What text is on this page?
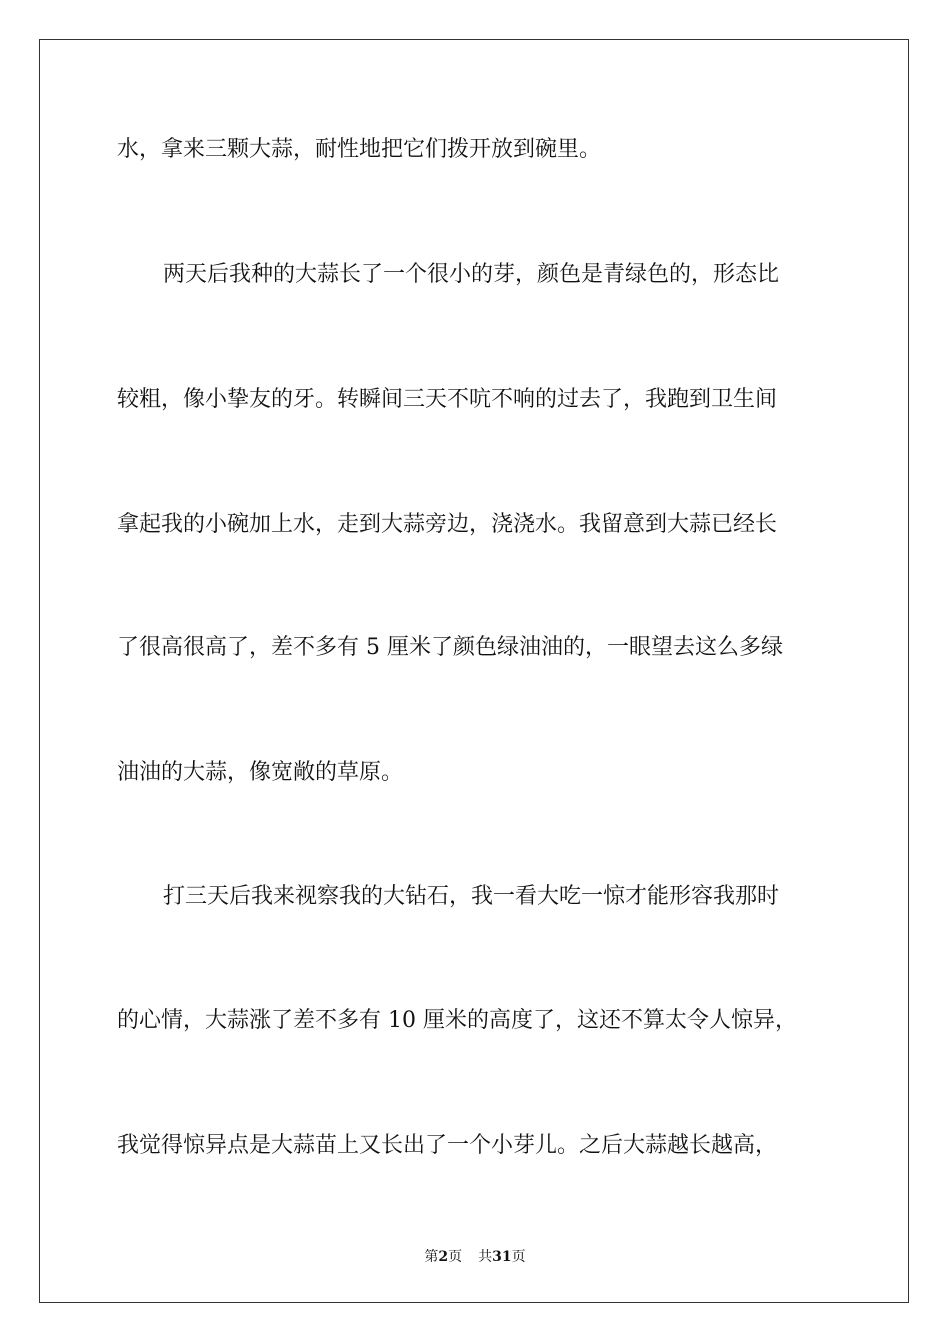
水，拿来三颗大蒜，耐性地把它们拨开放到碗里。
两天后我种的大蒜长了一个很小的芽，颜色是青绿色的，形态比
较粗，像小挚友的牙。转瞬间三天不吭不响的过去了，我跑到卫生间
拿起我的小碗加上水，走到大蒜旁边，浇浇水。我留意到大蒜已经长
了很高很高了，差不多有 5 厘米了颜色绿油油的，一眼望去这么多绿
油油的大蒜，像宽敞的草原。
打三天后我来视察我的大钻石，我一看大吃一惊才能形容我那时
的心情，大蒜涨了差不多有 10 厘米的高度了，这还不算太令人惊异，
我觉得惊异点是大蒜苗上又长出了一个小芽儿。之后大蒜越长越高，
第2页 共31页
